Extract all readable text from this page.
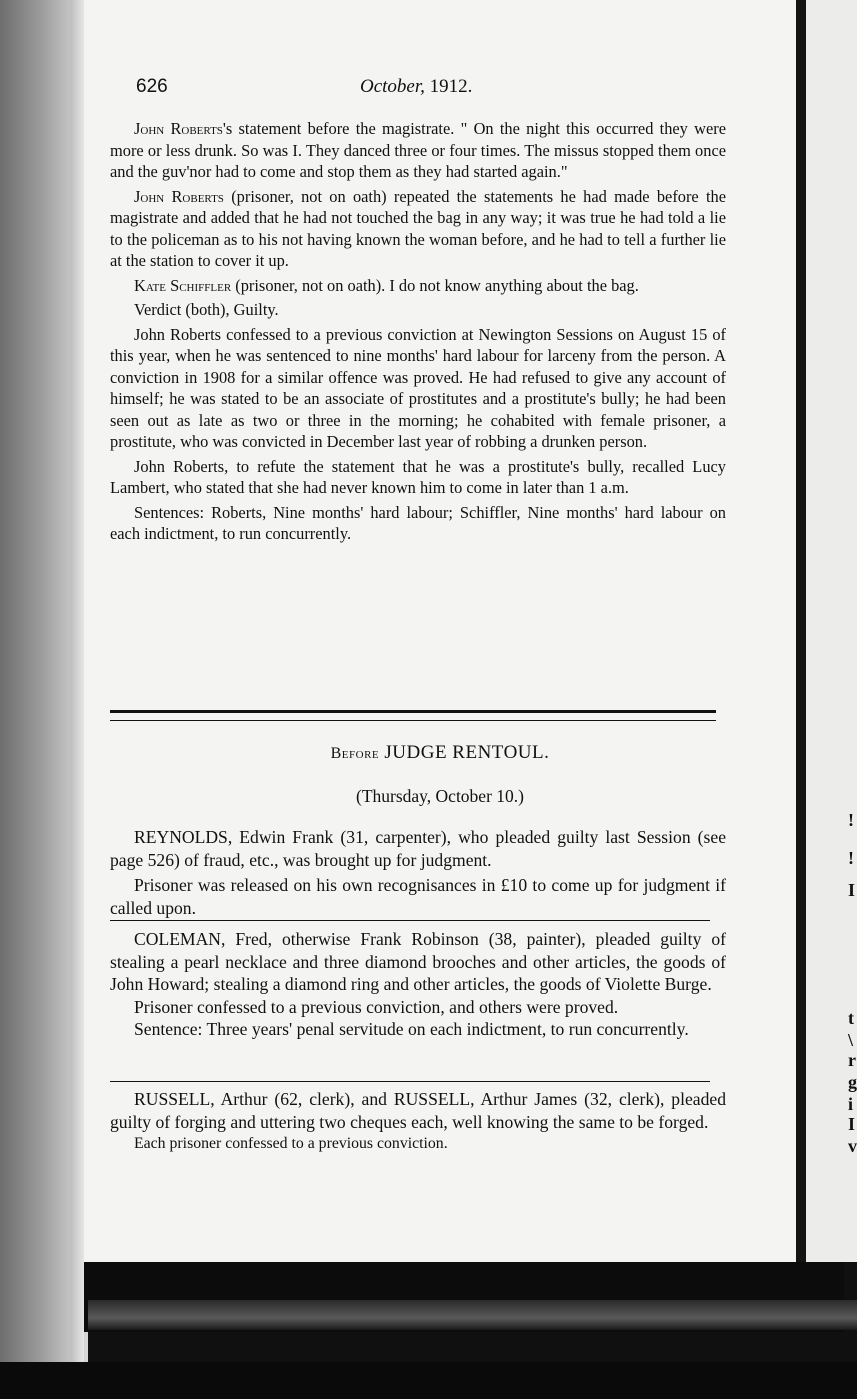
!
!
I
t
\
r
g
i
I
v
626	October, 1912.

John Roberts's statement before the magistrate. " On the night this occurred they were more or less drunk. So was I. They danced three or four times. The missus stopped them once and the guv'nor had to come and stop them as they had started again."

John Roberts (prisoner, not on oath) repeated the statements he had made before the magistrate and added that he had not touched the bag in any way; it was true he had told a lie to the policeman as to his not having known the woman before, and he had to tell a further lie at the station to cover it up.

Kate Schiffler (prisoner, not on oath). I do not know anything about the bag.

Verdict (both), Guilty.

John Roberts confessed to a previous conviction at Newington Sessions on August 15 of this year, when he was sentenced to nine months' hard labour for larceny from the person. A conviction in 1908 for a similar offence was proved. He had refused to give any account of himself; he was stated to be an associate of prostitutes and a prostitute's bully; he had been seen out as late as two or three in the morning; he cohabited with female prisoner, a prostitute, who was convicted in December last year of robbing a drunken person.

John Roberts, to refute the statement that he was a prostitute's bully, recalled Lucy Lambert, who stated that she had never known him to come in later than 1 a.m.

Sentences: Roberts, Nine months' hard labour; Schiffler, Nine months' hard labour on each indictment, to run concurrently.

Before JUDGE RENTOUL.
(Thursday, October 10.)

REYNOLDS, Edwin Frank (31, carpenter), who pleaded guilty last Session (see page 526) of fraud, etc., was brought up for judgment.

Prisoner was released on his own recognisances in £10 to come up for judgment if called upon.

COLEMAN, Fred, otherwise Frank Robinson (38, painter), pleaded guilty of stealing a pearl necklace and three diamond brooches and other articles, the goods of John Howard; stealing a diamond ring and other articles, the goods of Violette Burge.

Prisoner confessed to a previous conviction, and others were proved.

Sentence: Three years' penal servitude on each indictment, to run concurrently.

RUSSELL, Arthur (62, clerk), and RUSSELL, Arthur James (32, clerk), pleaded guilty of forging and uttering two cheques each, well knowing the same to be forged.

Each prisoner confessed to a previous conviction.
